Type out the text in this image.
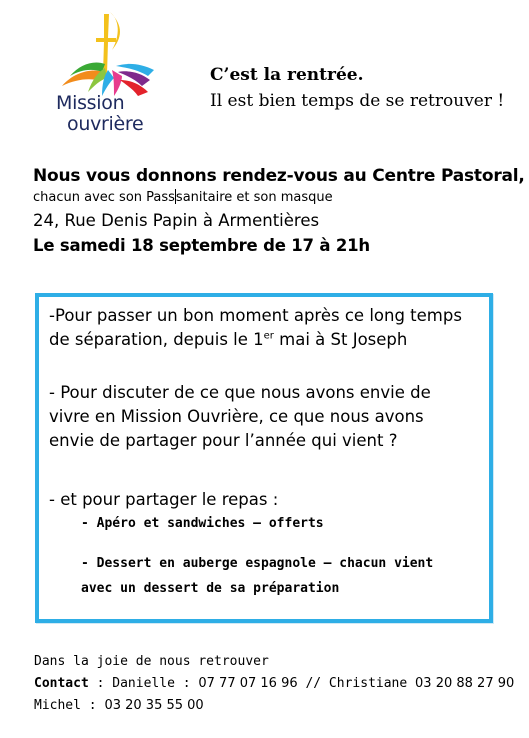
Mission
ouvrière
C’est la rentrée.
Il est bien temps de se retrouver !
Nous vous donnons rendez-vous au Centre Pastoral,
chacun avec son Passsanitaire et son masque
24, Rue Denis Papin à Armentières
Le samedi 18 septembre de 17 à 21h

-Pour passer un bon moment après ce long temps
de séparation, depuis le 1er mai à St Joseph

- Pour discuter de ce que nous avons envie de
vivre en Mission Ouvrière, ce que nous avons
envie de partager pour l’année qui vient ?

- et pour partager le repas :

- Apéro et sandwiches – offerts
- Dessert en auberge espagnole – chacun vient
avec un dessert de sa préparation
Dans la joie de nous retrouver
Contact : Danielle : 07 77 07 16 96 // Christiane 03 20 88 27 90
Michel : 03 20 35 55 00
